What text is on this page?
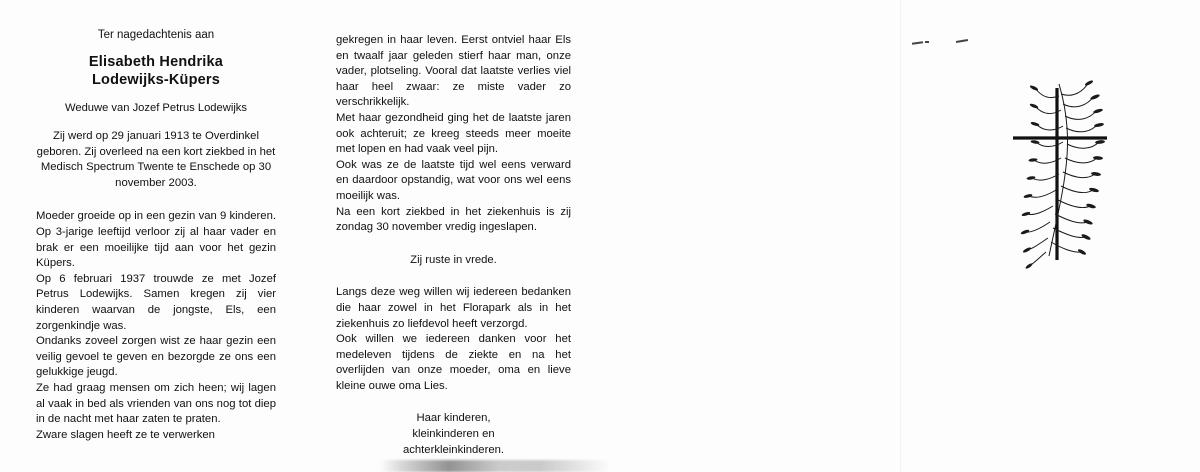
Ter nagedachtenis aan
Elisabeth Hendrika
Lodewijks-Küpers
Weduwe van Jozef Petrus Lodewijks
Zij werd op 29 januari 1913 te Overdinkel geboren. Zij overleed na een kort ziekbed in het Medisch Spectrum Twente te Enschede op 30 november 2003.

Moeder groeide op in een gezin van 9 kinderen. Op 3-jarige leeftijd verloor zij al haar vader en brak er een moeilijke tijd aan voor het gezin Küpers.

Op 6 februari 1937 trouwde ze met Jozef Petrus Lodewijks. Samen kregen zij vier kinderen waarvan de jongste, Els, een zorgenkindje was.

Ondanks zoveel zorgen wist ze haar gezin een veilig gevoel te geven en bezorgde ze ons een gelukkige jeugd.

Ze had graag mensen om zich heen; wij lagen al vaak in bed als vrienden van ons nog tot diep in de nacht met haar zaten te praten.

Zware slagen heeft ze te verwerken

gekregen in haar leven. Eerst ontviel haar Els en twaalf jaar geleden stierf haar man, onze vader, plotseling. Vooral dat laatste verlies viel haar heel zwaar: ze miste vader zo verschrikkelijk.

Met haar gezondheid ging het de laatste jaren ook achteruit; ze kreeg steeds meer moeite met lopen en had vaak veel pijn.

Ook was ze de laatste tijd wel eens verward en daardoor opstandig, wat voor ons wel eens moeilijk was.

Na een kort ziekbed in het ziekenhuis is zij zondag 30 november vredig ingeslapen.

Zij ruste in vrede.

Langs deze weg willen wij iedereen bedanken die haar zowel in het Florapark als in het ziekenhuis zo liefdevol heeft verzorgd.

Ook willen we iedereen danken voor het medeleven tijdens de ziekte en na het overlijden van onze moeder, oma en lieve kleine ouwe oma Lies.

Haar kinderen,
kleinkinderen en
achterkleinkinderen.
